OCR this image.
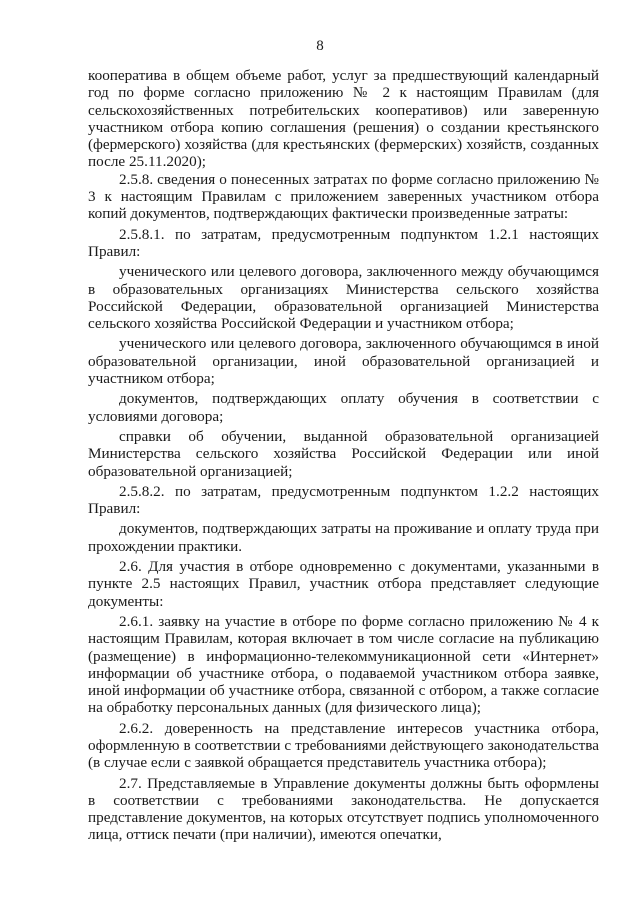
8

кооператива в общем объеме работ, услуг за предшествующий календарный год по форме согласно приложению № 2 к настоящим Правилам (для сельскохозяйственных потребительских кооперативов) или заверенную участником отбора копию соглашения (решения) о создании крестьянского (фермерского) хозяйства (для крестьянских (фермерских) хозяйств, созданных после 25.11.2020);

2.5.8. сведения о понесенных затратах по форме согласно приложению № 3 к настоящим Правилам с приложением заверенных участником отбора копий документов, подтверждающих фактически произведенные затраты:

2.5.8.1. по затратам, предусмотренным подпунктом 1.2.1 настоящих Правил:

ученического или целевого договора, заключенного между обучающимся в образовательных организациях Министерства сельского хозяйства Российской Федерации, образовательной организацией Министерства сельского хозяйства Российской Федерации и участником отбора;

ученического или целевого договора, заключенного обучающимся в иной образовательной организации, иной образовательной организацией и участником отбора;

документов, подтверждающих оплату обучения в соответствии с условиями договора;

справки об обучении, выданной образовательной организацией Министерства сельского хозяйства Российской Федерации или иной образовательной организацией;

2.5.8.2. по затратам, предусмотренным подпунктом 1.2.2 настоящих Правил:

документов, подтверждающих затраты на проживание и оплату труда при прохождении практики.

2.6. Для участия в отборе одновременно с документами, указанными в пункте 2.5 настоящих Правил, участник отбора представляет следующие документы:

2.6.1. заявку на участие в отборе по форме согласно приложению № 4 к настоящим Правилам, которая включает в том числе согласие на публикацию (размещение) в информационно-телекоммуникационной сети «Интернет» информации об участнике отбора, о подаваемой участником отбора заявке, иной информации об участнике отбора, связанной с отбором, а также согласие на обработку персональных данных (для физического лица);

2.6.2. доверенность на представление интересов участника отбора, оформленную в соответствии с требованиями действующего законодательства (в случае если с заявкой обращается представитель участника отбора);

2.7. Представляемые в Управление документы должны быть оформлены в соответствии с требованиями законодательства. Не допускается представление документов, на которых отсутствует подпись уполномоченного лица, оттиск печати (при наличии), имеются опечатки,
